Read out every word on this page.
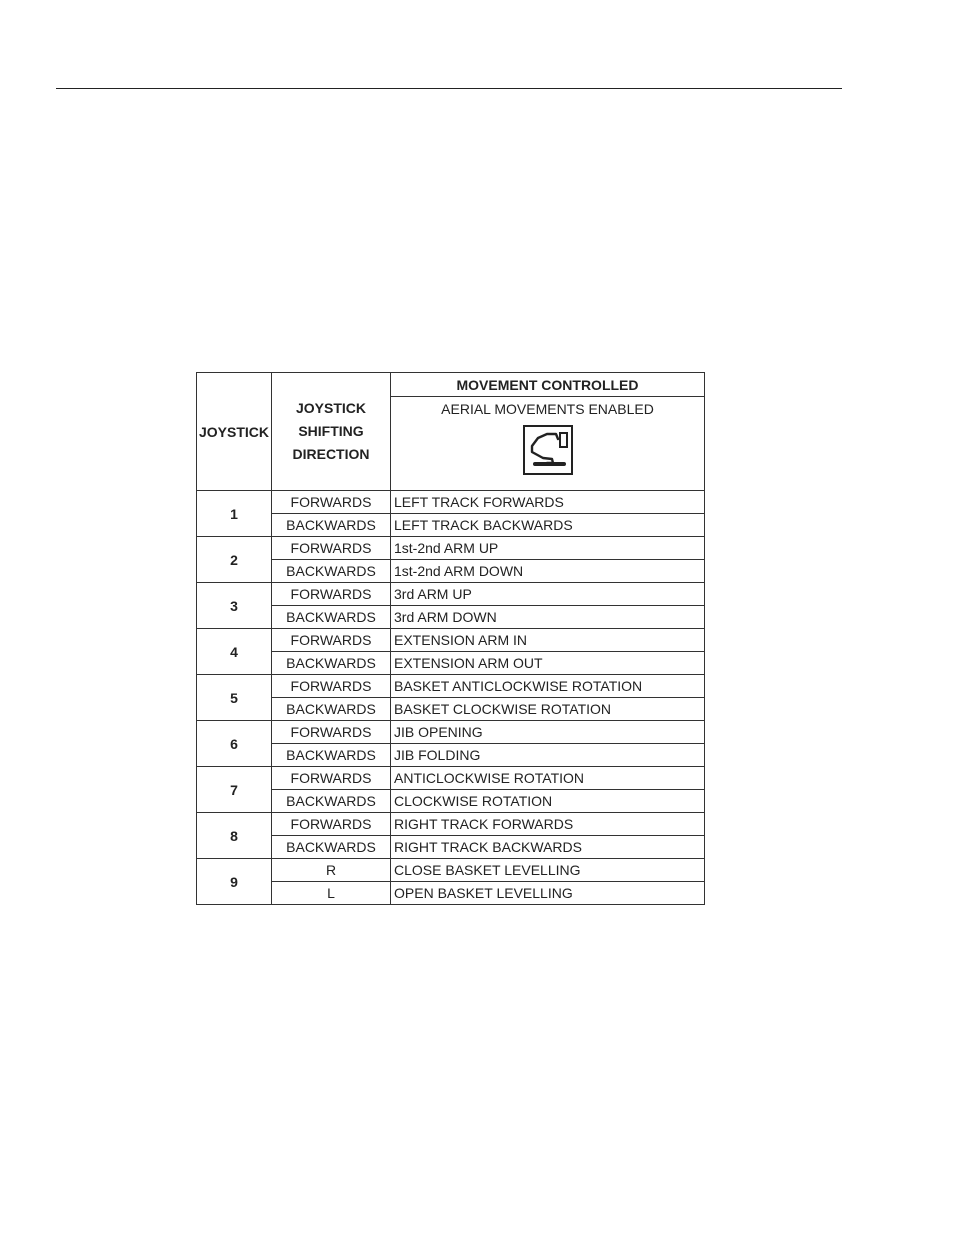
JOYSTICK	JOYSTICK
SHIFTING
DIRECTION	MOVEMENT CONTROLLED

		AERIAL MOVEMENTS ENABLED

1	FORWARDS	LEFT TRACK FORWARDS
	BACKWARDS	LEFT TRACK BACKWARDS
2	FORWARDS	1st-2nd ARM UP
	BACKWARDS	1st-2nd ARM DOWN
3	FORWARDS	3rd ARM UP
	BACKWARDS	3rd ARM DOWN
4	FORWARDS	EXTENSION ARM IN
	BACKWARDS	EXTENSION ARM OUT
5	FORWARDS	BASKET ANTICLOCKWISE ROTATION
	BACKWARDS	BASKET CLOCKWISE ROTATION
6	FORWARDS	JIB OPENING
	BACKWARDS	JIB FOLDING
7	FORWARDS	ANTICLOCKWISE ROTATION
	BACKWARDS	CLOCKWISE ROTATION
8	FORWARDS	RIGHT TRACK FORWARDS
	BACKWARDS	RIGHT TRACK BACKWARDS
9	R	CLOSE BASKET LEVELLING
	L	OPEN BASKET LEVELLING
